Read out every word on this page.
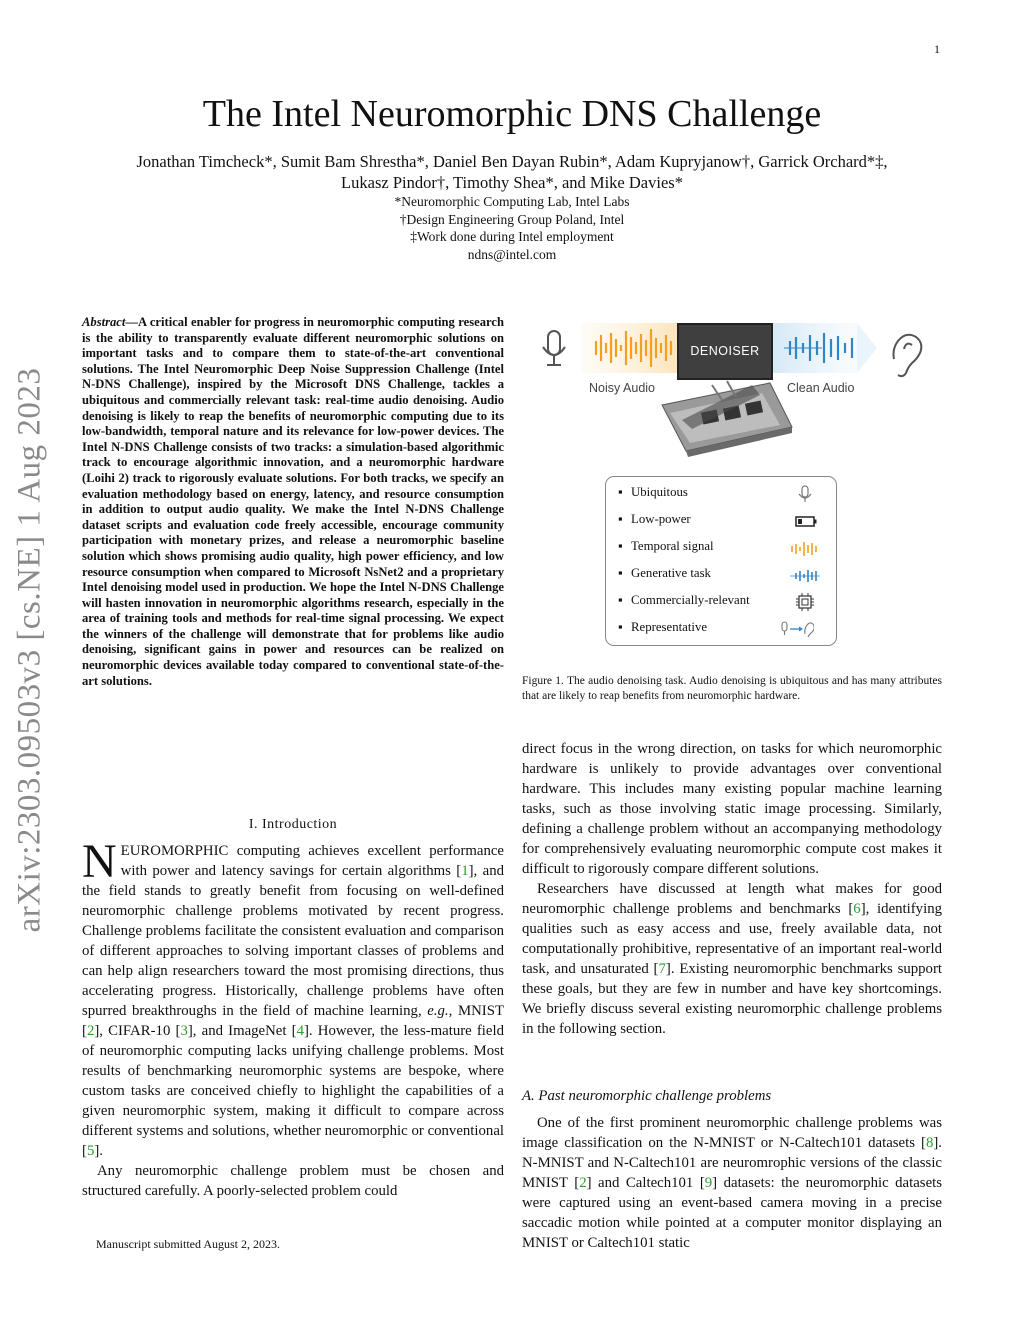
1
arXiv:2303.09503v3 [cs.NE] 1 Aug 2023
The Intel Neuromorphic DNS Challenge
Jonathan Timcheck*, Sumit Bam Shrestha*, Daniel Ben Dayan Rubin*, Adam Kupryjanow†, Garrick Orchard*‡,
Lukasz Pindor†, Timothy Shea*, and Mike Davies*
*Neuromorphic Computing Lab, Intel Labs
†Design Engineering Group Poland, Intel
‡Work done during Intel employment
ndns@intel.com
Abstract—A critical enabler for progress in neuromorphic computing research is the ability to transparently evaluate different neuromorphic solutions on important tasks and to compare them to state-of-the-art conventional solutions. The Intel Neuromorphic Deep Noise Suppression Challenge (Intel N-DNS Challenge), inspired by the Microsoft DNS Challenge, tackles a ubiquitous and commercially relevant task: real-time audio denoising. Audio denoising is likely to reap the benefits of neuromorphic computing due to its low-bandwidth, temporal nature and its relevance for low-power devices. The Intel N-DNS Challenge consists of two tracks: a simulation-based algorithmic track to encourage algorithmic innovation, and a neuromorphic hardware (Loihi 2) track to rigorously evaluate solutions. For both tracks, we specify an evaluation methodology based on energy, latency, and resource consumption in addition to output audio quality. We make the Intel N-DNS Challenge dataset scripts and evaluation code freely accessible, encourage community participation with monetary prizes, and release a neuromorphic baseline solution which shows promising audio quality, high power efficiency, and low resource consumption when compared to Microsoft NsNet2 and a proprietary Intel denoising model used in production. We hope the Intel N-DNS Challenge will hasten innovation in neuromorphic algorithms research, especially in the area of training tools and methods for real-time signal processing. We expect the winners of the challenge will demonstrate that for problems like audio denoising, significant gains in power and resources can be realized on neuromorphic devices available today compared to conventional state-of-the-art solutions.
I. Introduction

NEUROMORPHIC computing achieves excellent performance with power and latency savings for certain algorithms [1], and the field stands to greatly benefit from focusing on well-defined neuromorphic challenge problems motivated by recent progress. Challenge problems facilitate the consistent evaluation and comparison of different approaches to solving important classes of problems and can help align researchers toward the most promising directions, thus accelerating progress. Historically, challenge problems have often spurred breakthroughs in the field of machine learning, e.g., MNIST [2], CIFAR-10 [3], and ImageNet [4]. However, the less-mature field of neuromorphic computing lacks unifying challenge problems. Most results of benchmarking neuromorphic systems are bespoke, where custom tasks are conceived chiefly to highlight the capabilities of a given neuromorphic system, making it difficult to compare across different systems and solutions, whether neuromorphic or conventional [5].

Any neuromorphic challenge problem must be chosen and structured carefully. A poorly-selected problem could

Manuscript submitted August 2, 2023.
DENOISER
Noisy Audio	Clean Audio
▪ Ubiquitous
▪ Low-power
▪ Temporal signal
▪ Generative task
▪ Commercially-relevant
▪ Representative
Figure 1. The audio denoising task. Audio denoising is ubiquitous and has many attributes that are likely to reap benefits from neuromorphic hardware.

direct focus in the wrong direction, on tasks for which neuromorphic hardware is unlikely to provide advantages over conventional hardware. This includes many existing popular machine learning tasks, such as those involving static image processing. Similarly, defining a challenge problem without an accompanying methodology for comprehensively evaluating neuromorphic compute cost makes it difficult to rigorously compare different solutions.

Researchers have discussed at length what makes for good neuromorphic challenge problems and benchmarks [6], identifying qualities such as easy access and use, freely available data, not computationally prohibitive, representative of an important real-world task, and unsaturated [7]. Existing neuromorphic benchmarks support these goals, but they are few in number and have key shortcomings. We briefly discuss several existing neuromorphic challenge problems in the following section.

A. Past neuromorphic challenge problems

One of the first prominent neuromorphic challenge problems was image classification on the N-MNIST or N-Caltech101 datasets [8]. N-MNIST and N-Caltech101 are neuromrophic versions of the classic MNIST [2] and Caltech101 [9] datasets: the neuromorphic datasets were captured using an event-based camera moving in a precise saccadic motion while pointed at a computer monitor displaying an MNIST or Caltech101 static
